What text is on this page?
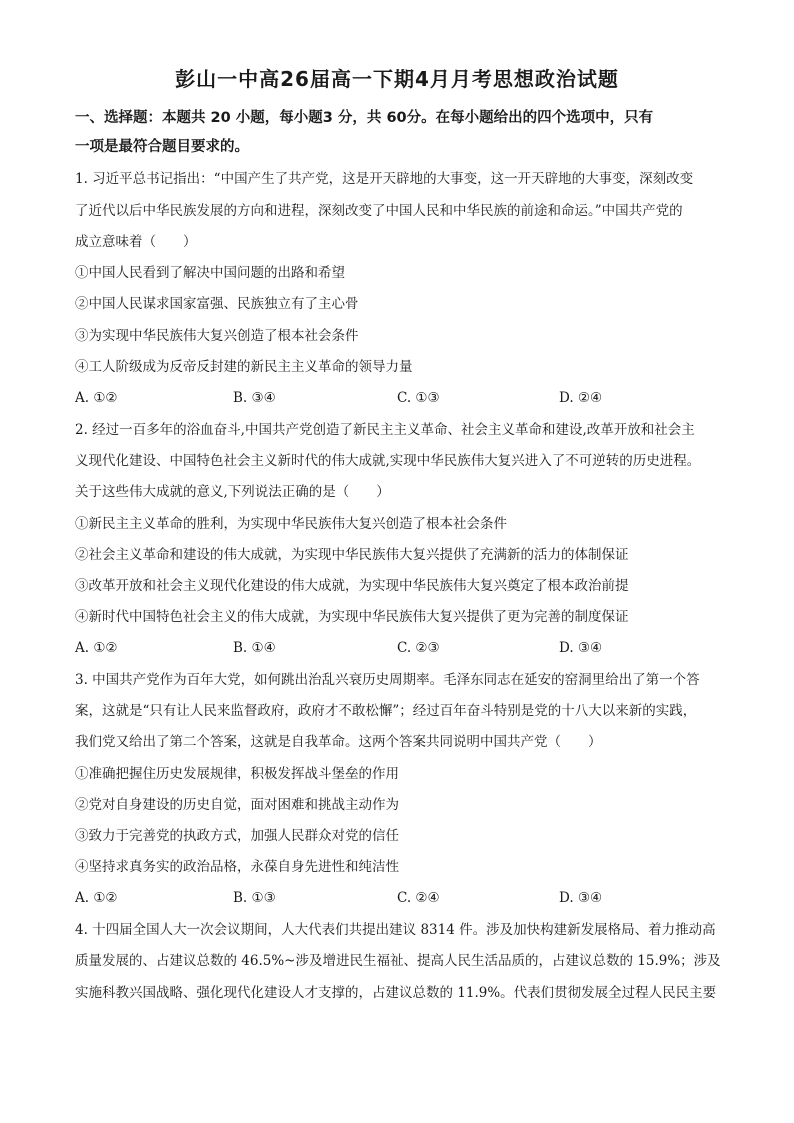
彭山一中高26届高一下期4月月考思想政治试题
一、选择题：本题共 20 小题，每小题3 分，共 60分。在每小题给出的四个选项中，只有
一项是最符合题目要求的。
1. 习近平总书记指出：“中国产生了共产党，这是开天辟地的大事变，这一开天辟地的大事变，深刻改变
了近代以后中华民族发展的方向和进程，深刻改变了中国人民和中华民族的前途和命运。”中国共产党的
成立意味着（　　）
①中国人民看到了解决中国问题的出路和希望
②中国人民谋求国家富强、民族独立有了主心骨
③为实现中华民族伟大复兴创造了根本社会条件
④工人阶级成为反帝反封建的新民主主义革命的领导力量
A. ①②	B. ③④	C. ①③	D. ②④
2. 经过一百多年的浴血奋斗,中国共产党创造了新民主主义革命、社会主义革命和建设,改革开放和社会主
义现代化建设、中国特色社会主义新时代的伟大成就,实现中华民族伟大复兴进入了不可逆转的历史进程。
关于这些伟大成就的意义,下列说法正确的是（　　）
①新民主主义革命的胜利，为实现中华民族伟大复兴创造了根本社会条件
②社会主义革命和建设的伟大成就，为实现中华民族伟大复兴提供了充满新的活力的体制保证
③改革开放和社会主义现代化建设的伟大成就，为实现中华民族伟大复兴奠定了根本政治前提
④新时代中国特色社会主义的伟大成就，为实现中华民族伟大复兴提供了更为完善的制度保证
A. ①②	B. ①④	C. ②③	D. ③④
3. 中国共产党作为百年大党，如何跳出治乱兴衰历史周期率。毛泽东同志在延安的窑洞里给出了第一个答
案，这就是“只有让人民来监督政府，政府才不敢松懈”；经过百年奋斗特别是党的十八大以来新的实践，
我们党又给出了第二个答案，这就是自我革命。这两个答案共同说明中国共产党（　　）
①准确把握住历史发展规律，积极发挥战斗堡垒的作用
②党对自身建设的历史自觉，面对困难和挑战主动作为
③致力于完善党的执政方式，加强人民群众对党的信任
④坚持求真务实的政治品格，永葆自身先进性和纯洁性
A. ①②	B. ①③	C. ②④	D. ③④
4. 十四届全国人大一次会议期间，人大代表们共提出建议 8314 件。涉及加快构建新发展格局、着力推动高
质量发展的、占建议总数的 46.5%~涉及增进民生福祉、提高人民生活品质的，占建议总数的 15.9%；涉及
实施科教兴国战略、强化现代化建设人才支撑的，占建议总数的 11.9%。代表们贯彻发展全过程人民民主要
